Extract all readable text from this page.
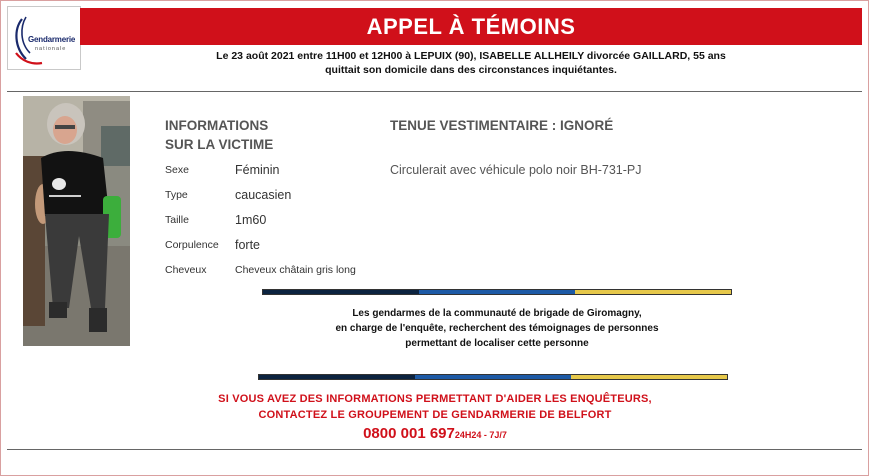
Gendarmerie
nationale
APPEL À TÉMOINS
Le 23 août 2021 entre 11H00 et 12H00 à LEPUIX (90), ISABELLE ALLHEILY divorcée GAILLARD, 55 ans
quittait son domicile dans des circonstances inquiétantes.
INFORMATIONS
SUR LA VICTIME
TENUE VESTIMENTAIRE : IGNORÉ
Sexe	Féminin
Type	caucasien
Taille	1m60
Corpulence forte
Cheveux	Cheveux châtain gris long
Circulerait avec véhicule polo noir BH-731-PJ
Les gendarmes de la communauté de brigade de Giromagny,
en charge de l'enquête, recherchent des témoignages de personnes
permettant de localiser cette personne
SI VOUS AVEZ DES INFORMATIONS PERMETTANT D'AIDER LES ENQUÊTEURS,
CONTACTEZ LE GROUPEMENT DE GENDARMERIE DE BELFORT
0800 001 69724H24 - 7J/7
